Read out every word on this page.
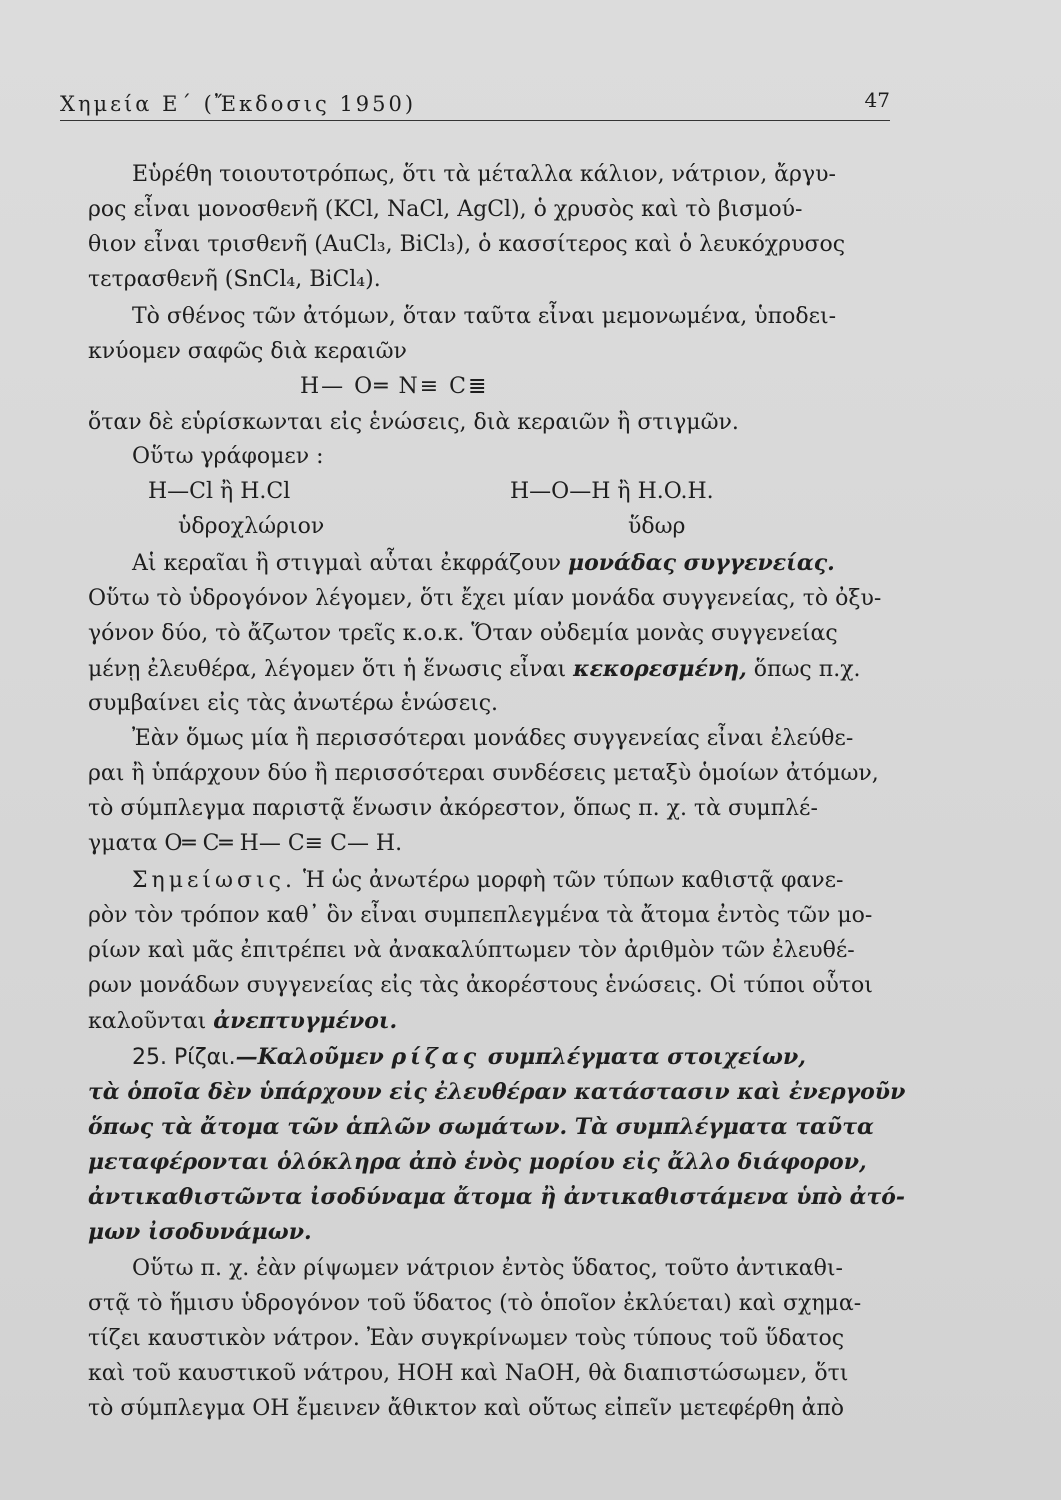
Χημεία Ε΄ (Ἔκδοσις 1950)	47
Εὑρέθη τοιουτοτρόπως, ὅτι τὰ μέταλλα κάλιον, νάτριον, ἄργυ-
ρος εἶναι μονοσθενῆ (KCl, NaCl, AgCl), ὁ χρυσὸς καὶ τὸ βισμού-
θιον εἶναι τρισθενῆ (AuCl₃, BiCl₃), ὁ κασσίτερος καὶ ὁ λευκόχρυσος
τετρασθενῆ (SnCl₄, BiCl₄).
Τὸ σθένος τῶν ἀτόμων, ὅταν ταῦτα εἶναι μεμονωμένα, ὑποδει-
κνύομεν σαφῶς διὰ κεραιῶν
H— O═ N≡ C≣
ὅταν δὲ εὑρίσκωνται εἰς ἑνώσεις, διὰ κεραιῶν ἢ στιγμῶν.
Οὕτω γράφομεν :
H—Cl ἢ H.Cl	H—O—H ἢ H.O.H.
ὑδροχλώριον	ὕδωρ
Αἱ κεραῖαι ἢ στιγμαὶ αὗται ἐκφράζουν μονάδας συγγενείας.
Οὕτω τὸ ὑδρογόνον λέγομεν, ὅτι ἔχει μίαν μονάδα συγγενείας, τὸ ὀξυ-
γόνον δύο, τὸ ἄζωτον τρεῖς κ.ο.κ. Ὅταν οὐδεμία μονὰς συγγενείας
μένῃ ἐλευθέρα, λέγομεν ὅτι ἡ ἕνωσις εἶναι κεκορεσμένη, ὅπως π.χ.
συμβαίνει εἰς τὰς ἀνωτέρω ἑνώσεις.
Ἐὰν ὅμως μία ἢ περισσότεραι μονάδες συγγενείας εἶναι ἐλεύθε-
ραι ἢ ὑπάρχουν δύο ἢ περισσότεραι συνδέσεις μεταξὺ ὁμοίων ἀτόμων,
τὸ σύμπλεγμα παριστᾷ ἕνωσιν ἀκόρεστον, ὅπως π. χ. τὰ συμπλέ-
γματα O═ C═ H— C≡ C— H.
Σημείωσις. Ἡ ὡς ἀνωτέρω μορφὴ τῶν τύπων καθιστᾷ φανε-
ρὸν τὸν τρόπον καθ᾽ ὃν εἶναι συμπεπλεγμένα τὰ ἄτομα ἐντὸς τῶν μο-
ρίων καὶ μᾶς ἐπιτρέπει νὰ ἀνακαλύπτωμεν τὸν ἀριθμὸν τῶν ἐλευθέ-
ρων μονάδων συγγενείας εἰς τὰς ἀκορέστους ἑνώσεις. Οἱ τύποι οὗτοι
καλοῦνται ἀνεπτυγμένοι.
25. Ρίζαι.—Καλοῦμεν ρίζας συμπλέγματα στοιχείων,
τὰ ὁποῖα δὲν ὑπάρχουν εἰς ἐλευθέραν κατάστασιν καὶ ἐνεργοῦν
ὅπως τὰ ἄτομα τῶν ἁπλῶν σωμάτων. Τὰ συμπλέγματα ταῦτα
μεταφέρονται ὁλόκληρα ἀπὸ ἑνὸς μορίου εἰς ἄλλο διάφορον,
ἀντικαθιστῶντα ἰσοδύναμα ἄτομα ἢ ἀντικαθιστάμενα ὑπὸ ἀτό-
μων ἰσοδυνάμων.
Οὕτω π. χ. ἐὰν ρίψωμεν νάτριον ἐντὸς ὕδατος, τοῦτο ἀντικαθι-
στᾷ τὸ ἥμισυ ὑδρογόνον τοῦ ὕδατος (τὸ ὁποῖον ἐκλύεται) καὶ σχημα-
τίζει καυστικὸν νάτρον. Ἐὰν συγκρίνωμεν τοὺς τύπους τοῦ ὕδατος
καὶ τοῦ καυστικοῦ νάτρου, HOH καὶ NaOH, θὰ διαπιστώσωμεν, ὅτι
τὸ σύμπλεγμα OH ἔμεινεν ἄθικτον καὶ οὕτως εἰπεῖν μετεφέρθη ἀπὸ
